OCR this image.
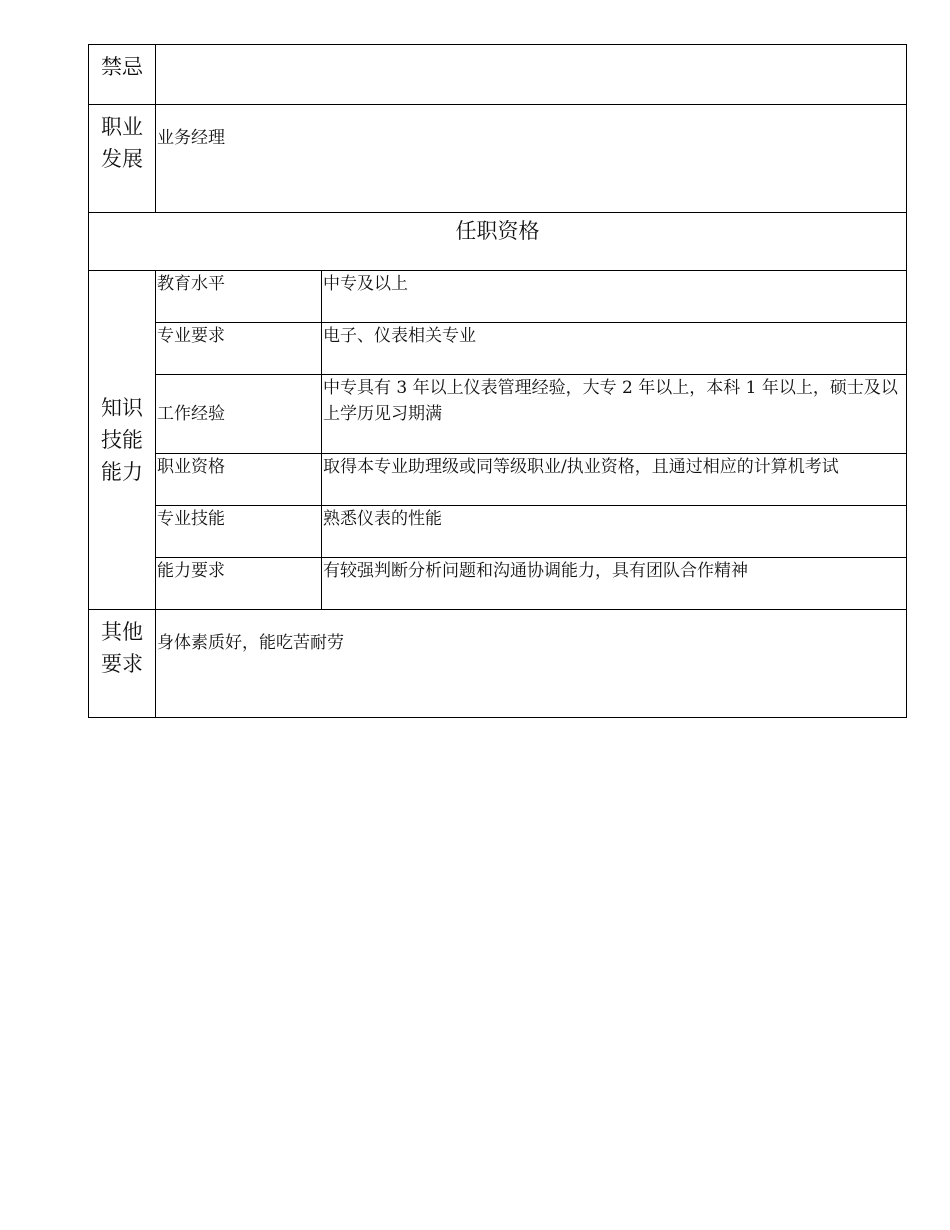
禁忌		

职业
发展	业务经理	
任职资格		

知识
技能
能力	教育水平	中专及以上
	专业要求	电子、仪表相关专业
	工作经验	中专具有 3 年以上仪表管理经验，大专 2 年以上，本科 1 年以上，硕士及以上学历见习期满
	职业资格	取得本专业助理级或同等级职业/执业资格，且通过相应的计算机考试
	专业技能	熟悉仪表的性能
	能力要求	有较强判断分析问题和沟通协调能力，具有团队合作精神

其他
要求	身体素质好，能吃苦耐劳	
